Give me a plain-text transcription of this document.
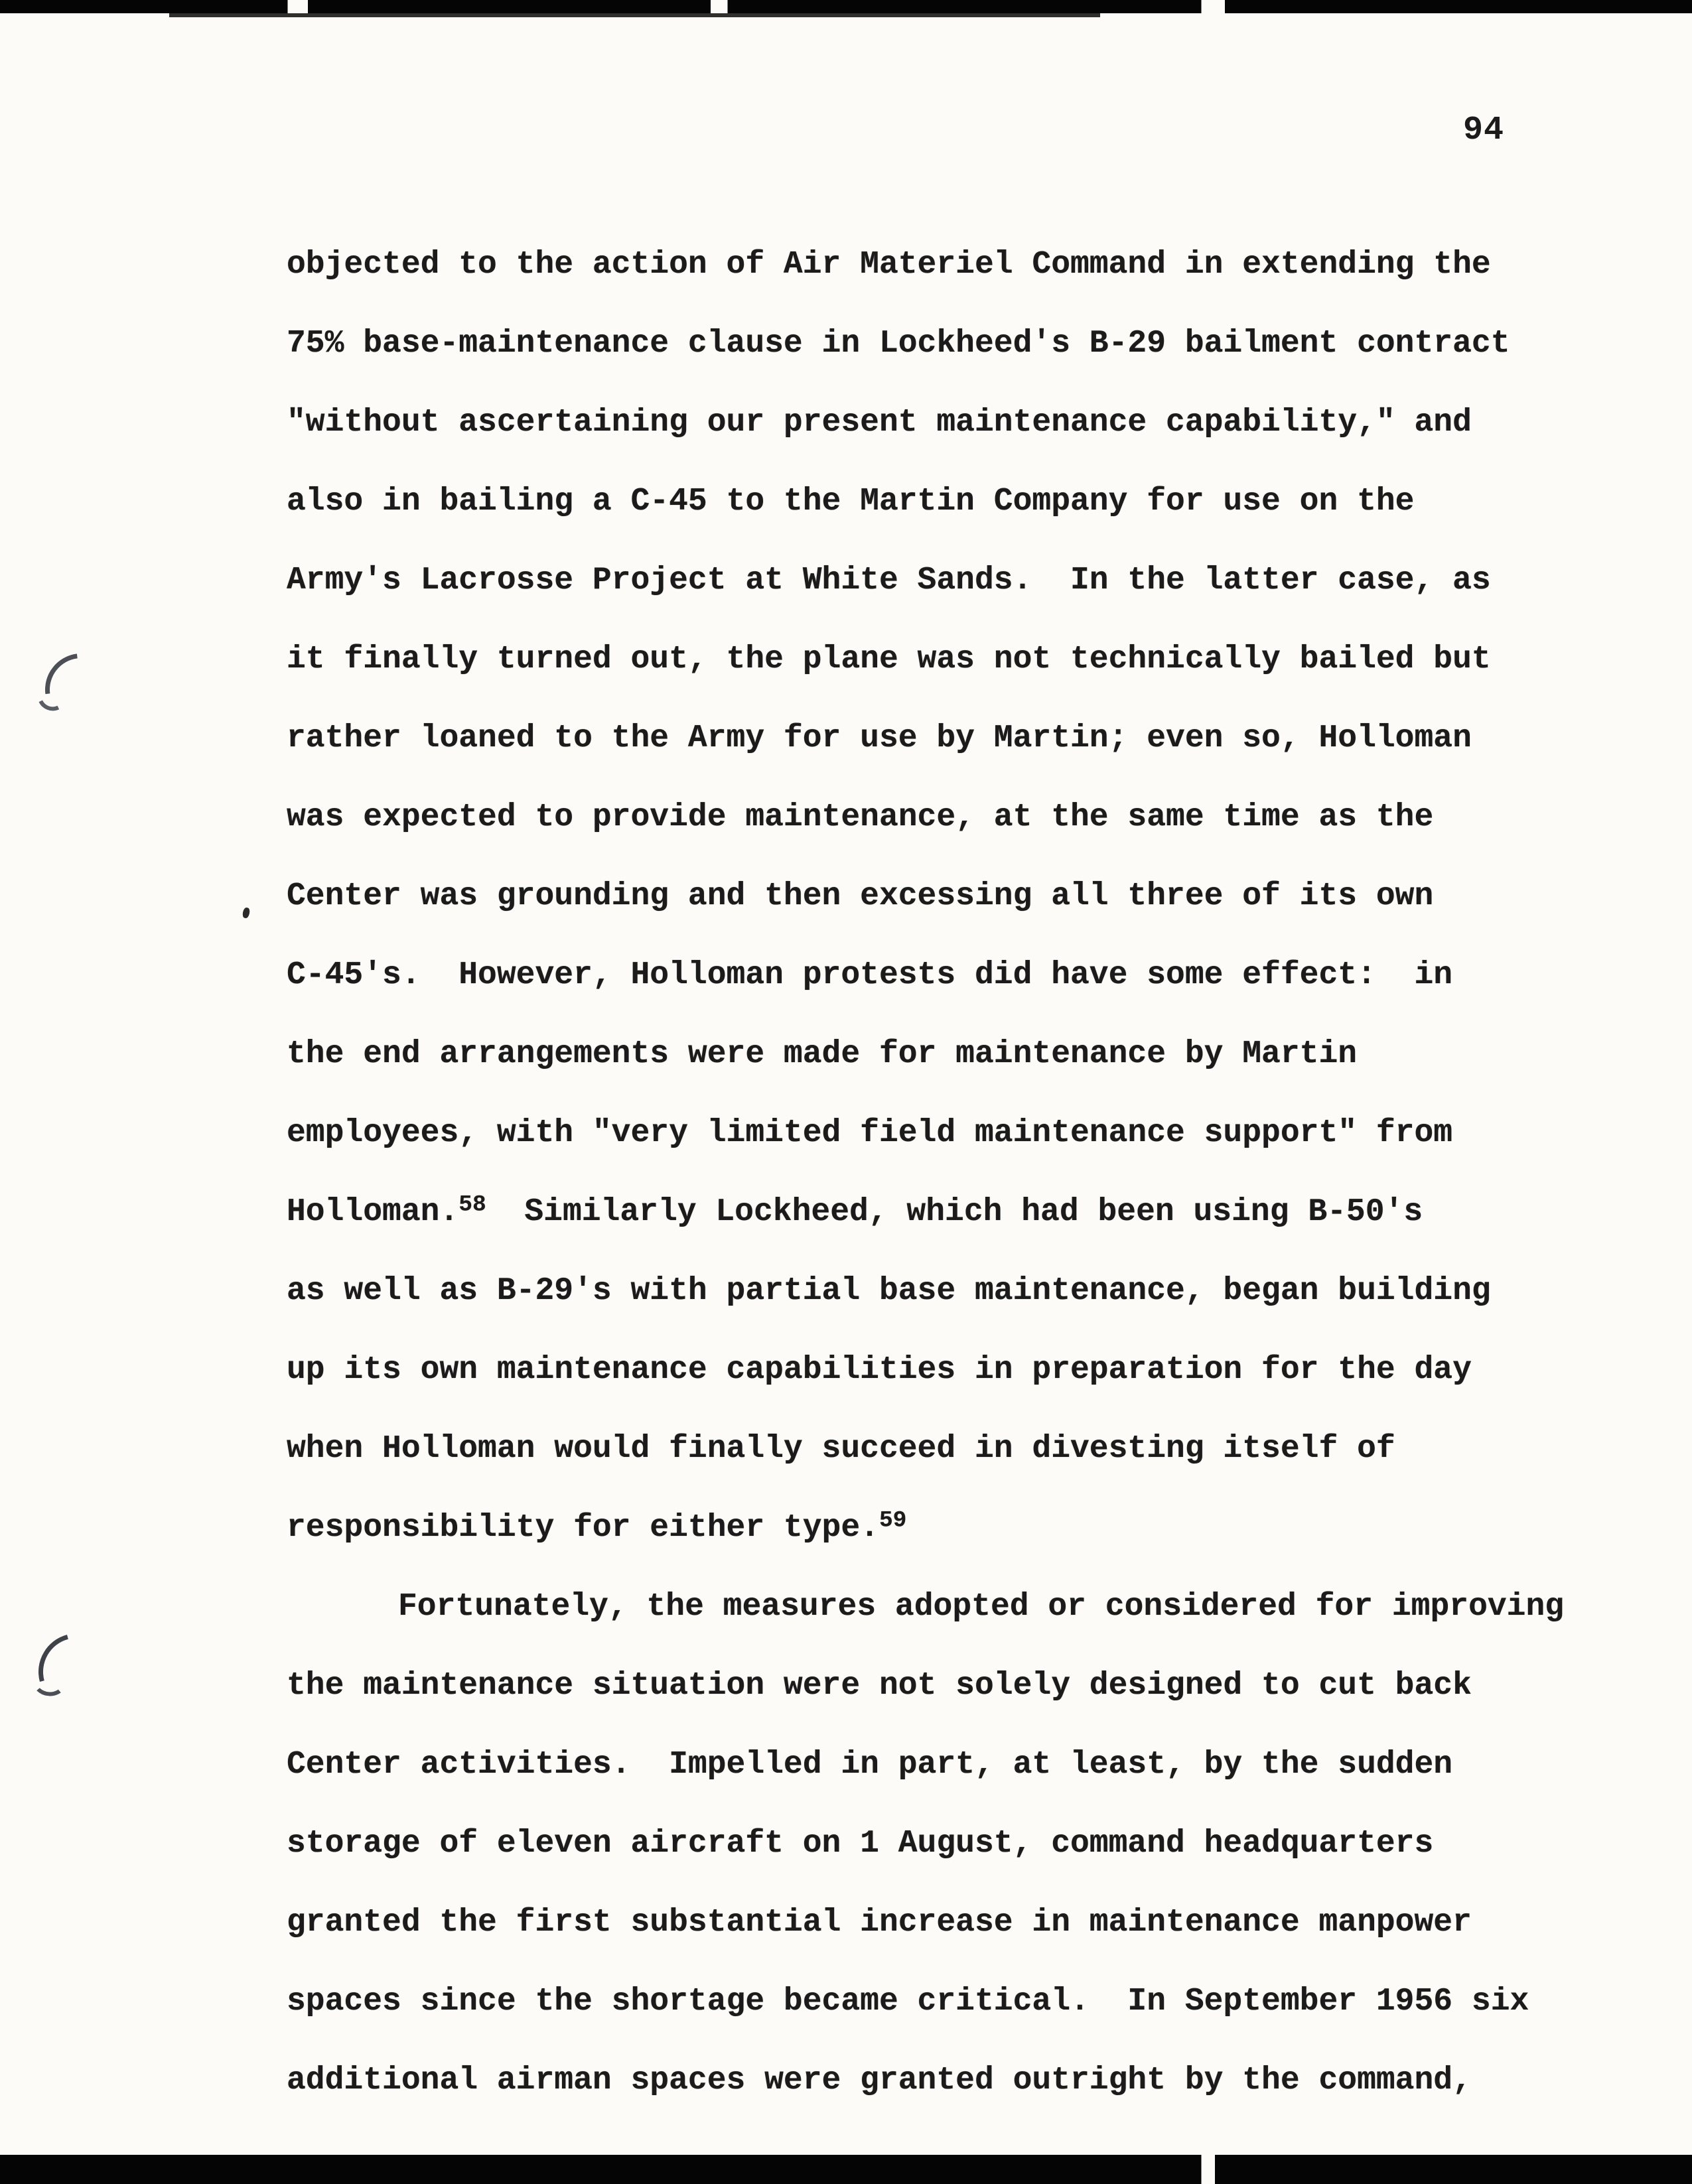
94
objected to the action of Air Materiel Command in extending the
75% base-maintenance clause in Lockheed's B-29 bailment contract
"without ascertaining our present maintenance capability," and
also in bailing a C-45 to the Martin Company for use on the
Army's Lacrosse Project at White Sands.  In the latter case, as
it finally turned out, the plane was not technically bailed but
rather loaned to the Army for use by Martin; even so, Holloman
was expected to provide maintenance, at the same time as the
Center was grounding and then excessing all three of its own
C-45's.  However, Holloman protests did have some effect:  in
the end arrangements were made for maintenance by Martin
employees, with "very limited field maintenance support" from
Holloman.$^{58}$  Similarly Lockheed, which had been using B-50's
as well as B-29's with partial base maintenance, began building
up its own maintenance capabilities in preparation for the day
when Holloman would finally succeed in divesting itself of
responsibility for either type.$^{59}$
Fortunately, the measures adopted or considered for improving
the maintenance situation were not solely designed to cut back
Center activities.  Impelled in part, at least, by the sudden
storage of eleven aircraft on 1 August, command headquarters
granted the first substantial increase in maintenance manpower
spaces since the shortage became critical.  In September 1956 six
additional airman spaces were granted outright by the command,
